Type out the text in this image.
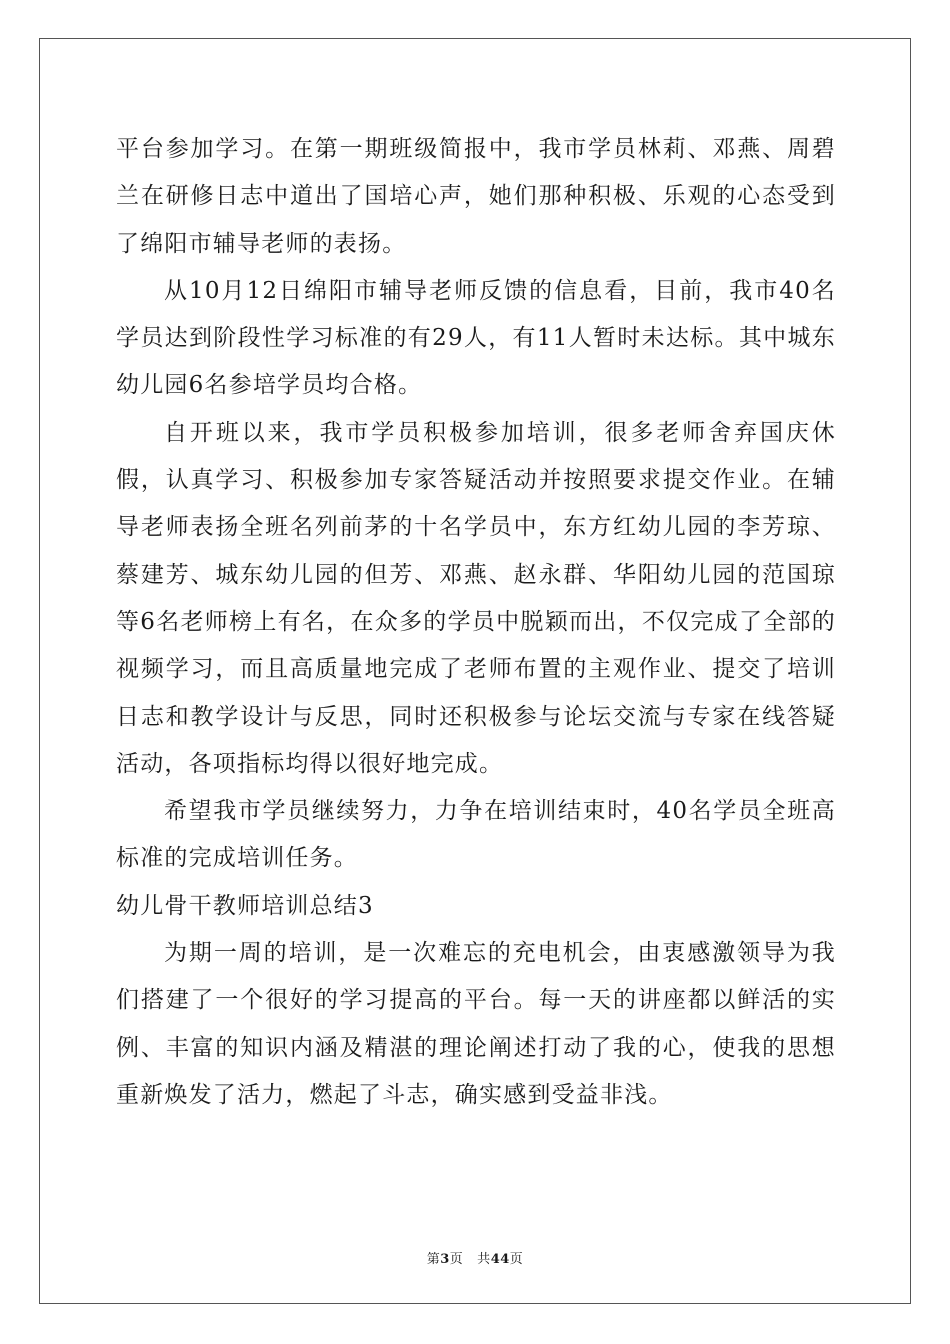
平台参加学习。在第一期班级简报中，我市学员林莉、邓燕、周碧兰在研修日志中道出了国培心声，她们那种积极、乐观的心态受到了绵阳市辅导老师的表扬。

从10月12日绵阳市辅导老师反馈的信息看，目前，我市40名学员达到阶段性学习标准的有29人，有11人暂时未达标。其中城东幼儿园6名参培学员均合格。

自开班以来，我市学员积极参加培训，很多老师舍弃国庆休假，认真学习、积极参加专家答疑活动并按照要求提交作业。在辅导老师表扬全班名列前茅的十名学员中，东方红幼儿园的李芳琼、蔡建芳、城东幼儿园的但芳、邓燕、赵永群、华阳幼儿园的范国琼等6名老师榜上有名，在众多的学员中脱颖而出，不仅完成了全部的视频学习，而且高质量地完成了老师布置的主观作业、提交了培训日志和教学设计与反思，同时还积极参与论坛交流与专家在线答疑活动，各项指标均得以很好地完成。

希望我市学员继续努力，力争在培训结束时，40名学员全班高标准的完成培训任务。

幼儿骨干教师培训总结3

为期一周的培训，是一次难忘的充电机会，由衷感激领导为我们搭建了一个很好的学习提高的平台。每一天的讲座都以鲜活的实例、丰富的知识内涵及精湛的理论阐述打动了我的心，使我的思想重新焕发了活力，燃起了斗志，确实感到受益非浅。

第3页 共44页
